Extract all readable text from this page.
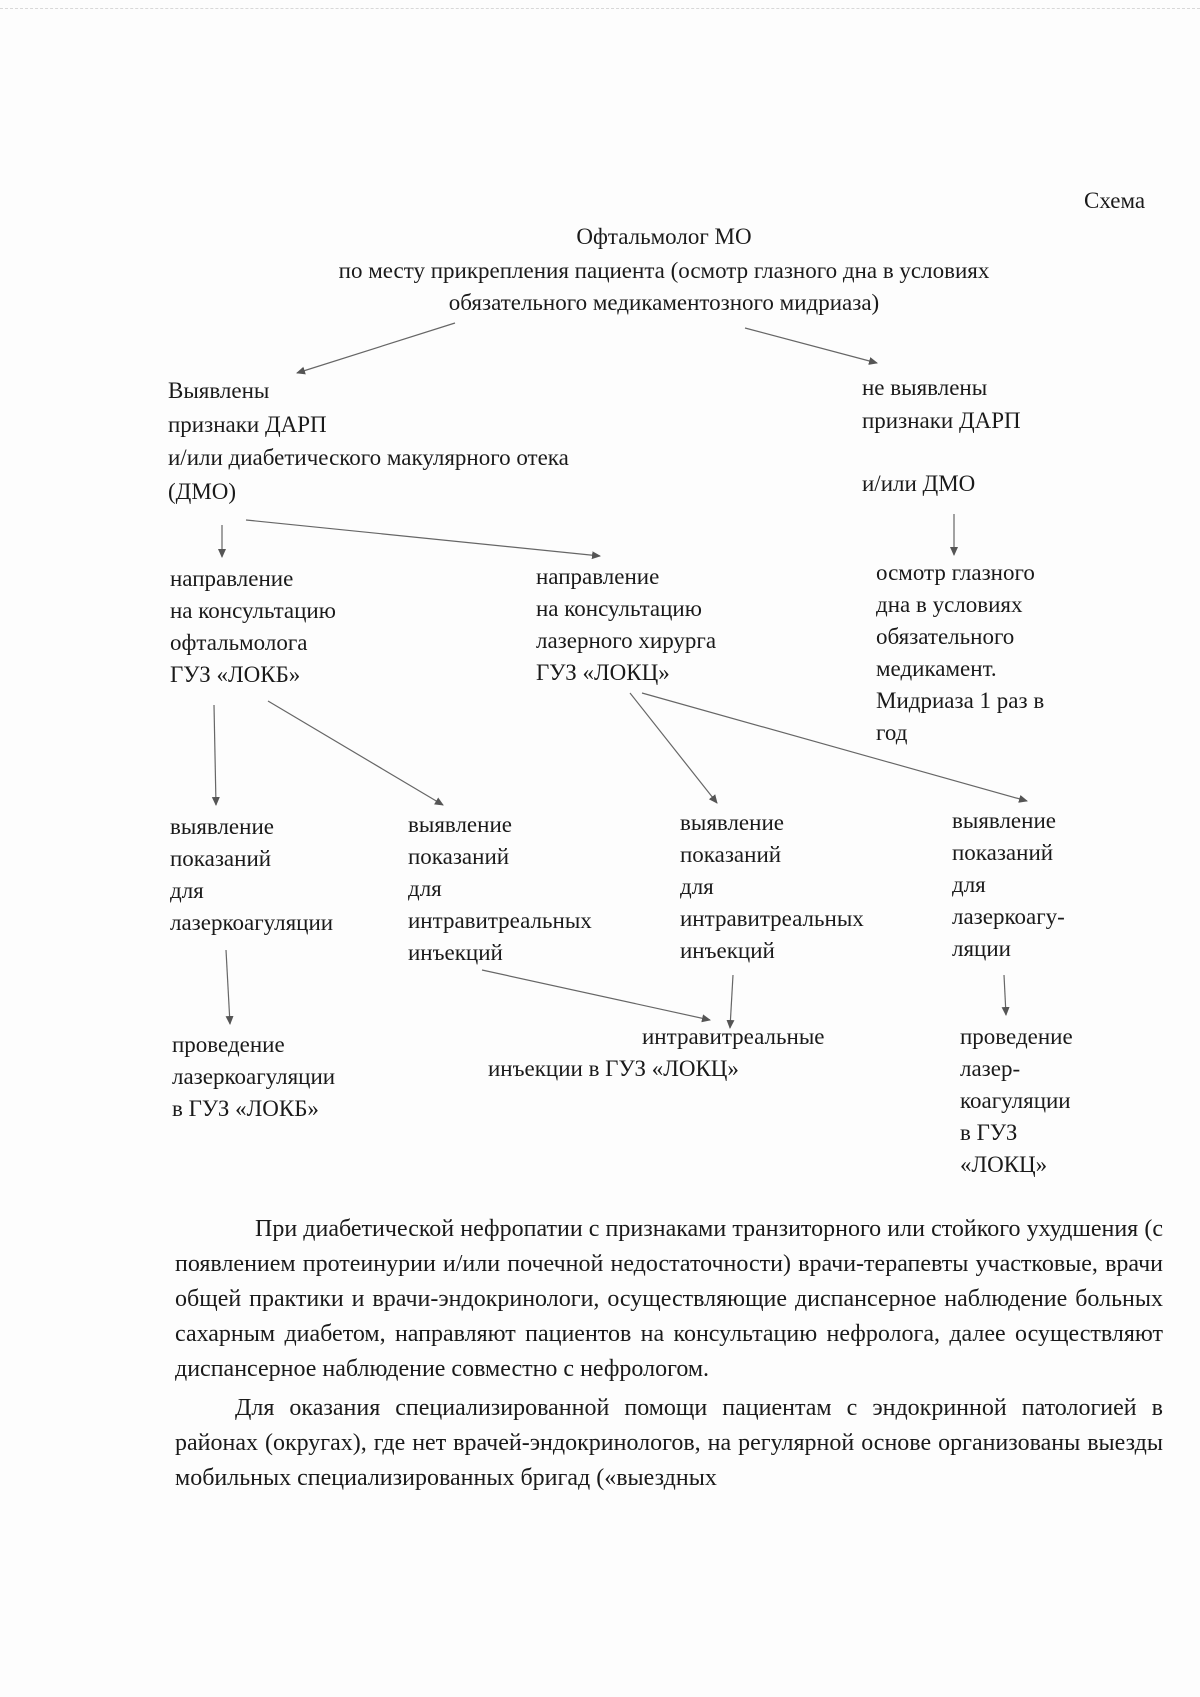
Схема
Офтальмолог МО
по месту прикрепления пациента (осмотр глазного дна в условиях
обязательного медикаментозного мидриаза)
Выявлены
признаки ДАРП
и/или диабетического макулярного отека
(ДМО)
не выявлены
признаки ДАРП
и/или ДМО
направление
на консультацию
офтальмолога
ГУЗ «ЛОКБ»
направление
на консультацию
лазерного хирурга
ГУЗ «ЛОКЦ»
осмотр глазного
дна в условиях
обязательного
медикамент.
Мидриаза 1 раз в
год
выявление
показаний
для
лазеркоагуляции
выявление
показаний
для
интравитреальных
инъекций
выявление
показаний
для
интравитреальных
инъекций
выявление
показаний
для
лазеркоагу-
ляции
проведение
лазеркоагуляции
в ГУЗ «ЛОКБ»
интравитреальные
инъекции в ГУЗ «ЛОКЦ»
проведение
лазер-
коагуляции
в ГУЗ
«ЛОКЦ»

При диабетической нефропатии с признаками транзиторного или стойкого ухудшения (с появлением протеинурии и/или почечной недостаточности) врачи-терапевты участковые, врачи общей практики и врачи-эндокринологи, осуществляющие диспансерное наблюдение больных сахарным диабетом, направляют пациентов на консультацию нефролога, далее осуществляют диспансерное наблюдение совместно с нефрологом.

Для оказания специализированной помощи пациентам с эндокринной патологией в районах (округах), где нет врачей-эндокринологов, на регулярной основе организованы выезды мобильных специализированных бригад («выездных
